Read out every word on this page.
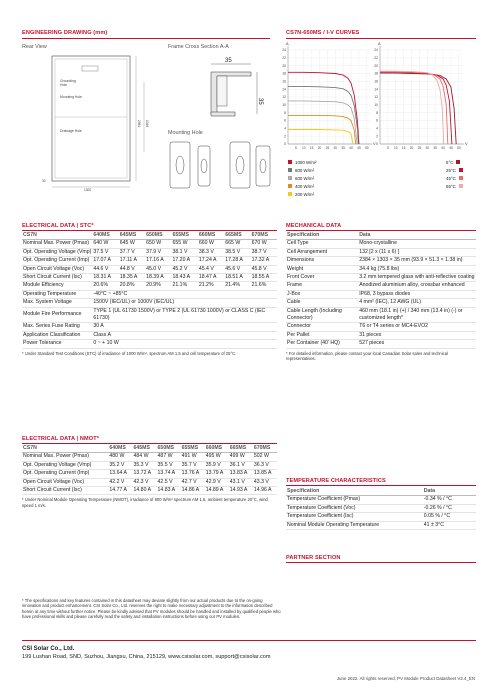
ENGINEERING DRAWING (mm)
Rear View	Frame Cross Section A-A
Mounting Hole
Grounding
Hole
Mounting Hole
Drainage Hole
2384 1048
1300
30
35
35
CS7N-650MS / I-V CURVES
24
22
20
18
16
14
12
10
8
6
4
2
0
5 10 15 20 25 30 35 40 45 50
A
V
24
22
20
18
16
14
12
10
8
6
4
2
0
5 10 15 20 25 30 35 40 45 50
A
V
1000 W/m²
800 W/m²
600 W/m²
400 W/m²
200 W/m²
5°C
25°C
45°C
65°C
ELECTRICAL DATA | STC*
CS7N	640MS	645MS	650MS	655MS	660MS	665MS	670MS
Nominal Max. Power (Pmax)	640 W	645 W	650 W	655 W	660 W	665 W	670 W
Opt. Operating Voltage (Vmp)	37.5 V	37.7 V	37.9 V	38.1 V	38.3 V	38.5 V	38.7 V
Opt. Operating Current (Imp)	17.07 A	17.11 A	17.16 A	17.20 A	17.24 A	17.28 A	17.32 A
Open Circuit Voltage (Voc)	44.6 V	44.8 V	45.0 V	45.2 V	45.4 V	45.6 V	45.8 V
Short Circuit Current (Isc)	18.31 A	18.35 A	18.39 A	18.43 A	18.47 A	18.51 A	18.55 A
Module Efficiency	20.6%	20.8%	20.9%	21.1%	21.2%	21.4%	21.6%
Operating Temperature	-40°C ~ +85°C						
Max. System Voltage	1500V (IEC/UL) or 1000V (IEC/UL)						
Module Fire Performance	TYPE 1 (UL 61730 1500V) or TYPE 2 (UL 61730 1000V) or CLASS C (IEC 61730)						
Max. Series Fuse Rating	30 A						
Application Classification	Class A						
Power Tolerance	0 ~ + 10 W						
* Under Standard Test Conditions (STC) of irradiance of 1000 W/m², spectrum AM 1.5 and cell temperature of 25°C.
ELECTRICAL DATA | NMOT*
CS7N	640MS	645MS	650MS	655MS	660MS	665MS	670MS
Nominal Max. Power (Pmax)	480 W	484 W	487 W	491 W	495 W	499 W	502 W
Opt. Operating Voltage (Vmp)	35.2 V	35.3 V	35.5 V	35.7 V	35.9 V	36.1 V	36.3 V
Opt. Operating Current (Imp)	13.64 A	13.72 A	13.74 A	13.76 A	13.79 A	13.83 A	13.85 A
Open Circuit Voltage (Voc)	42.2 V	42.3 V	42.5 V	42.7 V	42.9 V	43.1 V	43.3 V
Short Circuit Current (Isc)	14.77 A	14.80 A	14.83 A	14.86 A	14.89 A	14.93 A	14.96 A
* Under Nominal Module Operating Temperature (NMOT), irradiance of 800 W/m² spectrum AM 1.5, ambient temperature 20°C, wind speed 1 m/s.
MECHANICAL DATA
Specification	Data
Cell Type	Mono-crystalline
Cell Arrangement	132 [2 x (11 x 6) ]
Dimensions	2384 × 1303 × 35 mm (93.9 × 51.3 × 1.38 in)
Weight	34.4 kg (75.8 lbs)
Front Cover	3.2 mm tempered glass with anti-reflective coating
Frame	Anodized aluminium alloy, crossbar enhanced
J-Box	IP68, 3 bypass diodes
Cable	4 mm² (IEC), 12 AWG (UL)
Cable Length (Including Connector)	460 mm (18.1 in) (+) / 340 mm (13.4 in) (-) or customized length*
Connector	T6 or T4 series or MC4-EVO2
Per Pallet	31 pieces
Per Container (40' HQ)	527 pieces
* For detailed information, please contact your local Canadian Solar sales and technical representatives.
TEMPERATURE CHARACTERISTICS
Specification	Data
Temperature Coefficient (Pmax)	-0.34 % / °C
Temperature Coefficient (Voc)	-0.26 % / °C
Temperature Coefficient (Isc)	0.05 % / °C
Nominal Module Operating Temperature	41 ± 3°C
PARTNER SECTION
* The specifications and key features contained in this datasheet may deviate slightly from our actual products due to the on-going innovation and product enhancement. CSI Solar Co., Ltd. reserves the right to make necessary adjustment to the information described herein at any time without further notice. Please be kindly advised that PV modules should be handled and installed by qualified people who have professional skills and please carefully read the safety and installation instructions before using our PV modules.
CSI Solar Co., Ltd.
199 Lushan Road, SND, Suzhou, Jiangsu, China, 215129, www.csisolar.com, support@csisolar.com
June 2022. All rights reserved, PV Module Product Datasheet V2.4_EN
